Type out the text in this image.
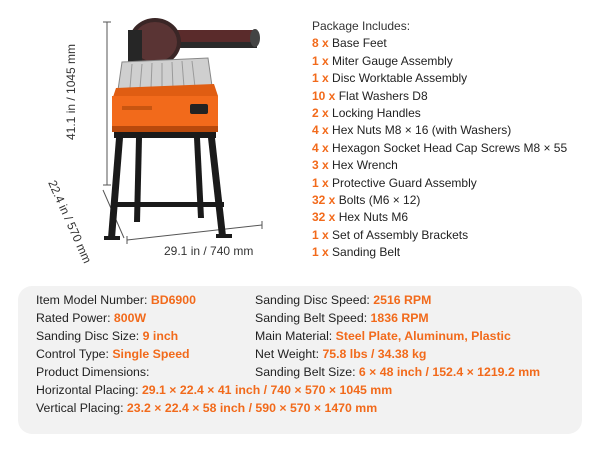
41.1 in / 1045 mm
22.4 in / 570 mm	29.1 in / 740 mm
Package Includes:
8 x Base Feet
1 x Miter Gauge Assembly
1 x Disc Worktable Assembly
10 x Flat Washers D8
2 x Locking Handles
4 x Hex Nuts M8 × 16 (with Washers)
4 x Hexagon Socket Head Cap Screws M8 × 55
3 x Hex Wrench
1 x Protective Guard Assembly
32 x Bolts (M6 × 12)
32 x Hex Nuts M6
1 x Set of Assembly Brackets
1 x Sanding Belt
Item Model Number: BD6900
Rated Power: 800W
Sanding Disc Size: 9 inch
Control Type: Single Speed
Product Dimensions:
Horizontal Placing: 29.1 × 22.4 × 41 inch / 740 × 570 × 1045 mm
Vertical Placing: 23.2 × 22.4 × 58 inch / 590 × 570 × 1470 mm
Sanding Disc Speed: 2516 RPM
Sanding Belt Speed: 1836 RPM
Main Material: Steel Plate, Aluminum, Plastic
Net Weight: 75.8 lbs / 34.38 kg
Sanding Belt Size: 6 × 48 inch / 152.4 × 1219.2 mm
